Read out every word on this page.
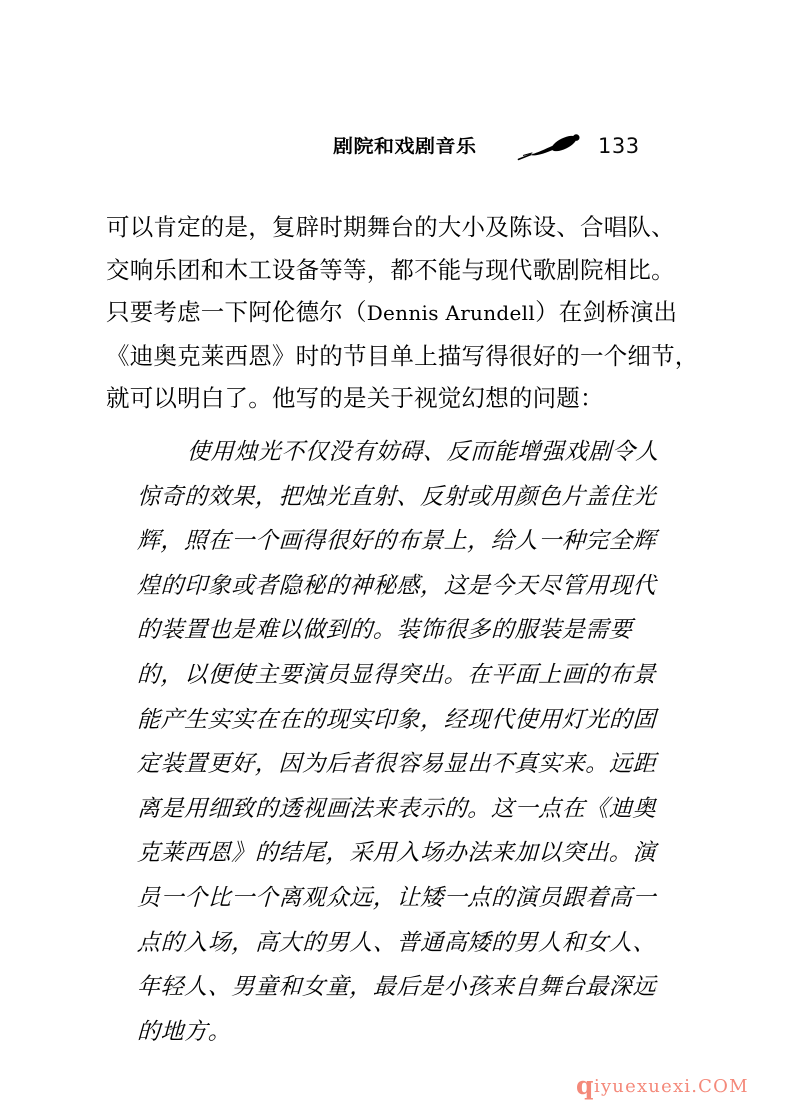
剧院和戏剧音乐	133
可以肯定的是，复辟时期舞台的大小及陈设、合唱队、
交响乐团和木工设备等等，都不能与现代歌剧院相比。
只要考虑一下阿伦德尔（Dennis Arundell）在剑桥演出
《迪奥克莱西恩》时的节目单上描写得很好的一个细节，
就可以明白了。他写的是关于视觉幻想的问题：
使用烛光不仅没有妨碍、反而能增强戏剧令人
惊奇的效果，把烛光直射、反射或用颜色片盖住光
辉，照在一个画得很好的布景上，给人一种完全辉
煌的印象或者隐秘的神秘感，这是今天尽管用现代
的装置也是难以做到的。装饰很多的服装是需要
的，以便使主要演员显得突出。在平面上画的布景
能产生实实在在的现实印象，经现代使用灯光的固
定装置更好，因为后者很容易显出不真实来。远距
离是用细致的透视画法来表示的。这一点在《迪奥
克莱西恩》的结尾，采用入场办法来加以突出。演
员一个比一个离观众远，让矮一点的演员跟着高一
点的入场，高大的男人、普通高矮的男人和女人、
年轻人、男童和女童，最后是小孩来自舞台最深远
的地方。
qiyuexuexi.COM
